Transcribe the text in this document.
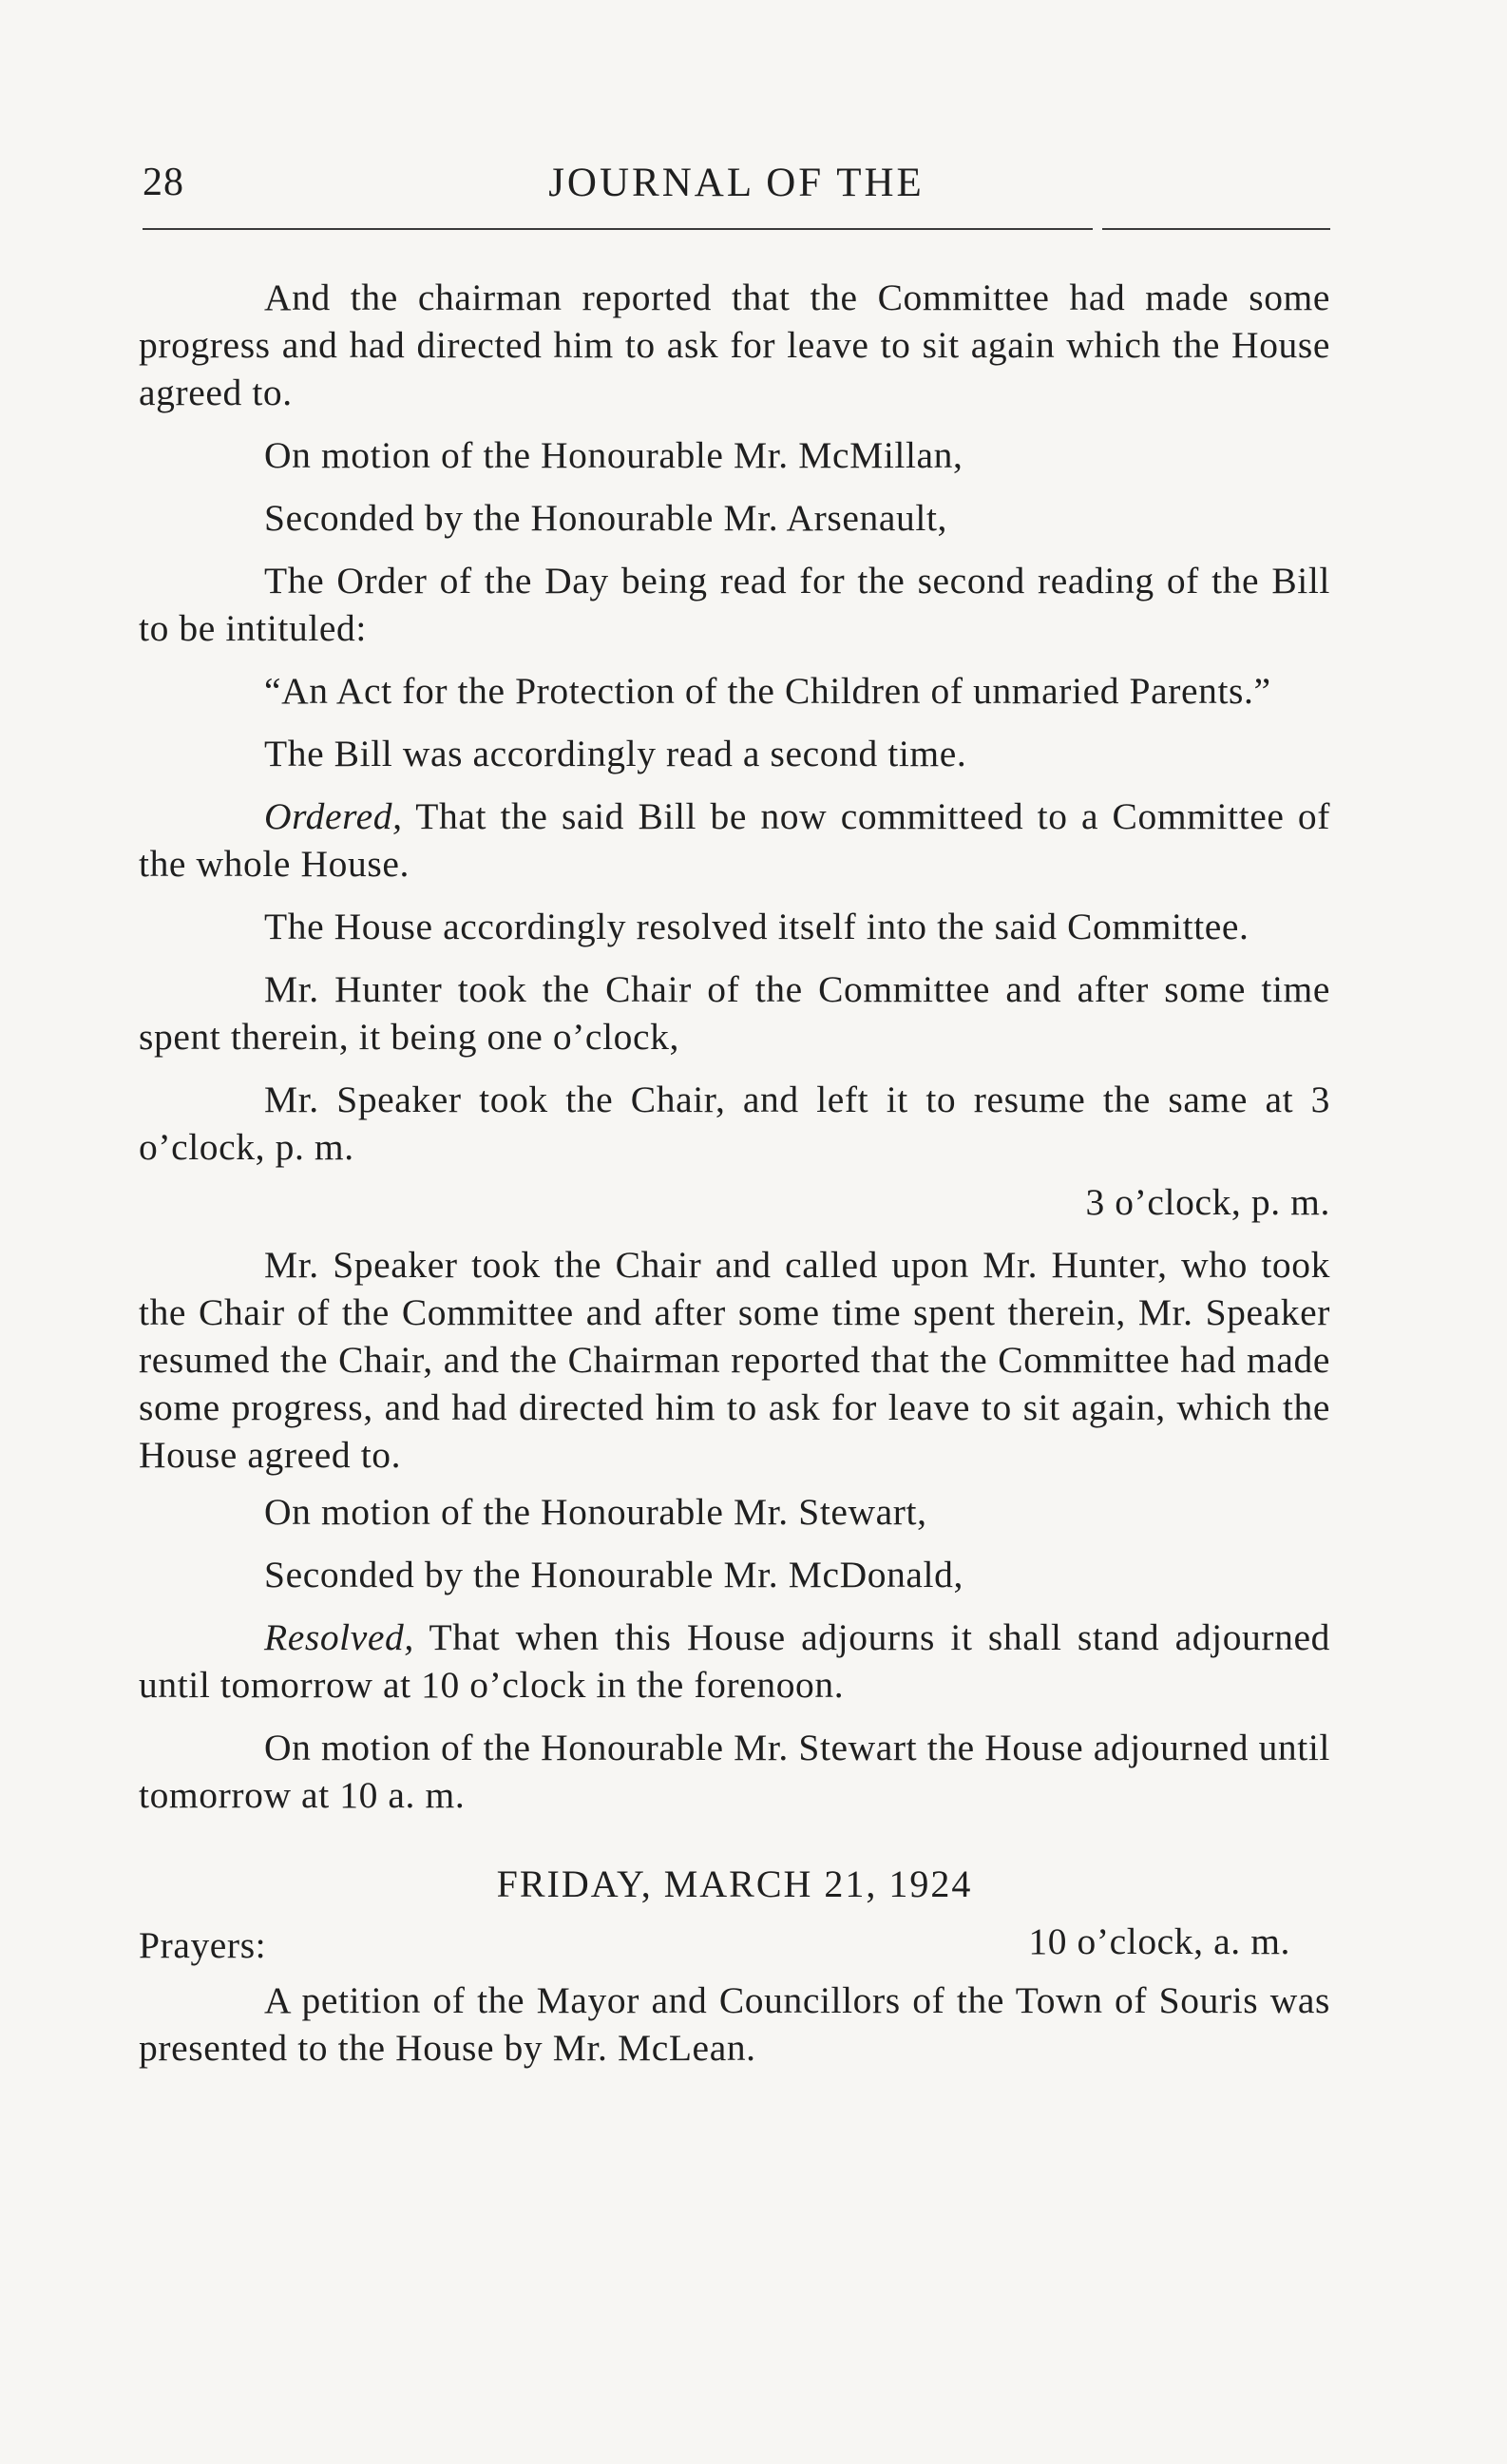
28	JOURNAL OF THE

And the chairman reported that the Committee had made some progress and had directed him to ask for leave to sit again which the House agreed to.

On motion of the Honourable Mr. McMillan,

Seconded by the Honourable Mr. Arsenault,

The Order of the Day being read for the second reading of the Bill to be intituled:

“An Act for the Protection of the Children of unmaried Parents.”

The Bill was accordingly read a second time.

Ordered, That the said Bill be now committeed to a Committee of the whole House.

The House accordingly resolved itself into the said Committee.

Mr. Hunter took the Chair of the Committee and after some time spent therein, it being one o’clock,

Mr. Speaker took the Chair, and left it to resume the same at 3 o’clock, p. m.

3 o’clock, p. m.

Mr. Speaker took the Chair and called upon Mr. Hunter, who took the Chair of the Committee and after some time spent therein, Mr. Speaker resumed the Chair, and the Chairman reported that the Committee had made some progress, and had directed him to ask for leave to sit again, which the House agreed to.

On motion of the Honourable Mr. Stewart,

Seconded by the Honourable Mr. McDonald,

Resolved, That when this House adjourns it shall stand adjourned until tomorrow at 10 o’clock in the forenoon.

On motion of the Honourable Mr. Stewart the House adjourned until tomorrow at 10 a. m.

FRIDAY, MARCH 21, 1924

Prayers:	10 o’clock, a. m.

A petition of the Mayor and Councillors of the Town of Souris was presented to the House by Mr. McLean.
